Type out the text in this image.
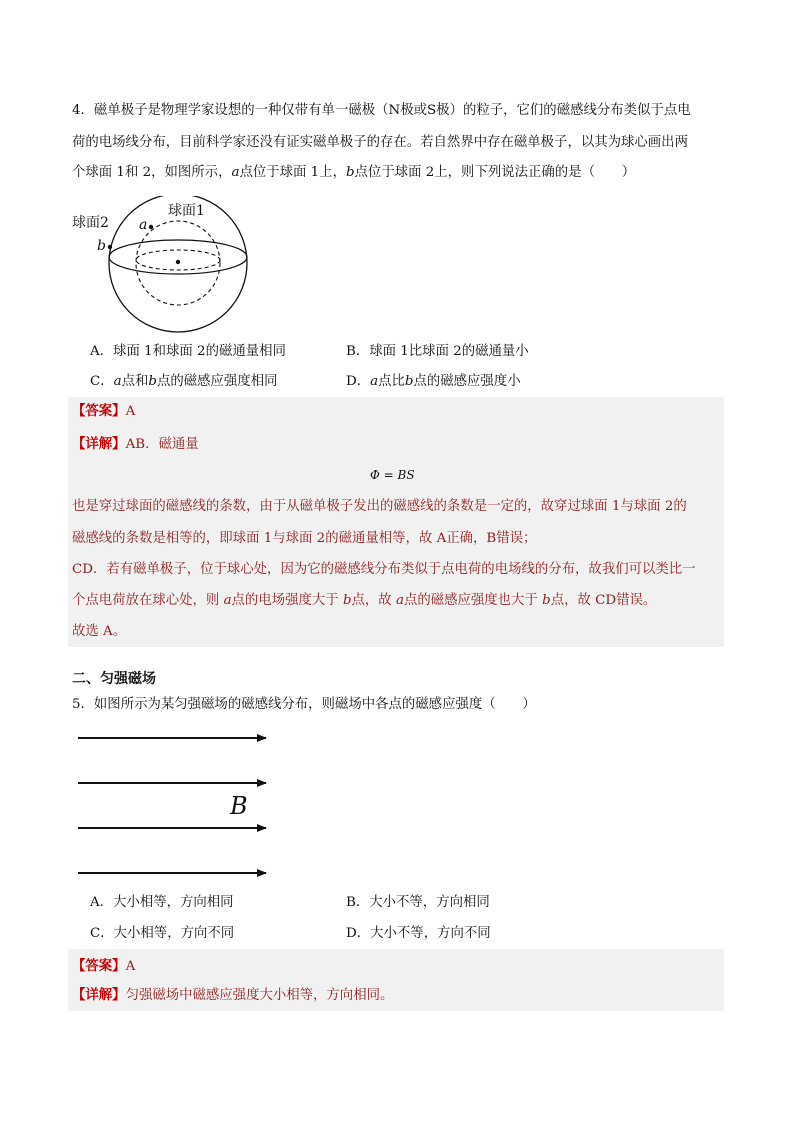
4．磁单极子是物理学家设想的一种仅带有单一磁极（N极或S极）的粒子，它们的磁感线分布类似于点电
荷的电场线分布，目前科学家还没有证实磁单极子的存在。若自然界中存在磁单极子，以其为球心画出两
个球面 1和 2，如图所示，a点位于球面 1上，b点位于球面 2上，则下列说法正确的是（　　）
球面2
球面1
a
b
A．球面 1和球面 2的磁通量相同	B．球面 1比球面 2的磁通量小
C．a点和b点的磁感应强度相同	D．a点比b点的磁感应强度小
【答案】A
【详解】AB．磁通量
Φ = BS
也是穿过球面的磁感线的条数，由于从磁单极子发出的磁感线的条数是一定的，故穿过球面 1与球面 2的
磁感线的条数是相等的，即球面 1与球面 2的磁通量相等，故 A正确，B错误；
CD．若有磁单极子，位于球心处，因为它的磁感线分布类似于点电荷的电场线的分布，故我们可以类比一
个点电荷放在球心处，则 a点的电场强度大于 b点，故 a点的磁感应强度也大于 b点，故 CD错误。
故选 A。
二、匀强磁场
5．如图所示为某匀强磁场的磁感线分布，则磁场中各点的磁感应强度（　　）
B
A．大小相等，方向相同	B．大小不等，方向相同
C．大小相等，方向不同	D．大小不等，方向不同
【答案】A
【详解】匀强磁场中磁感应强度大小相等，方向相同。
